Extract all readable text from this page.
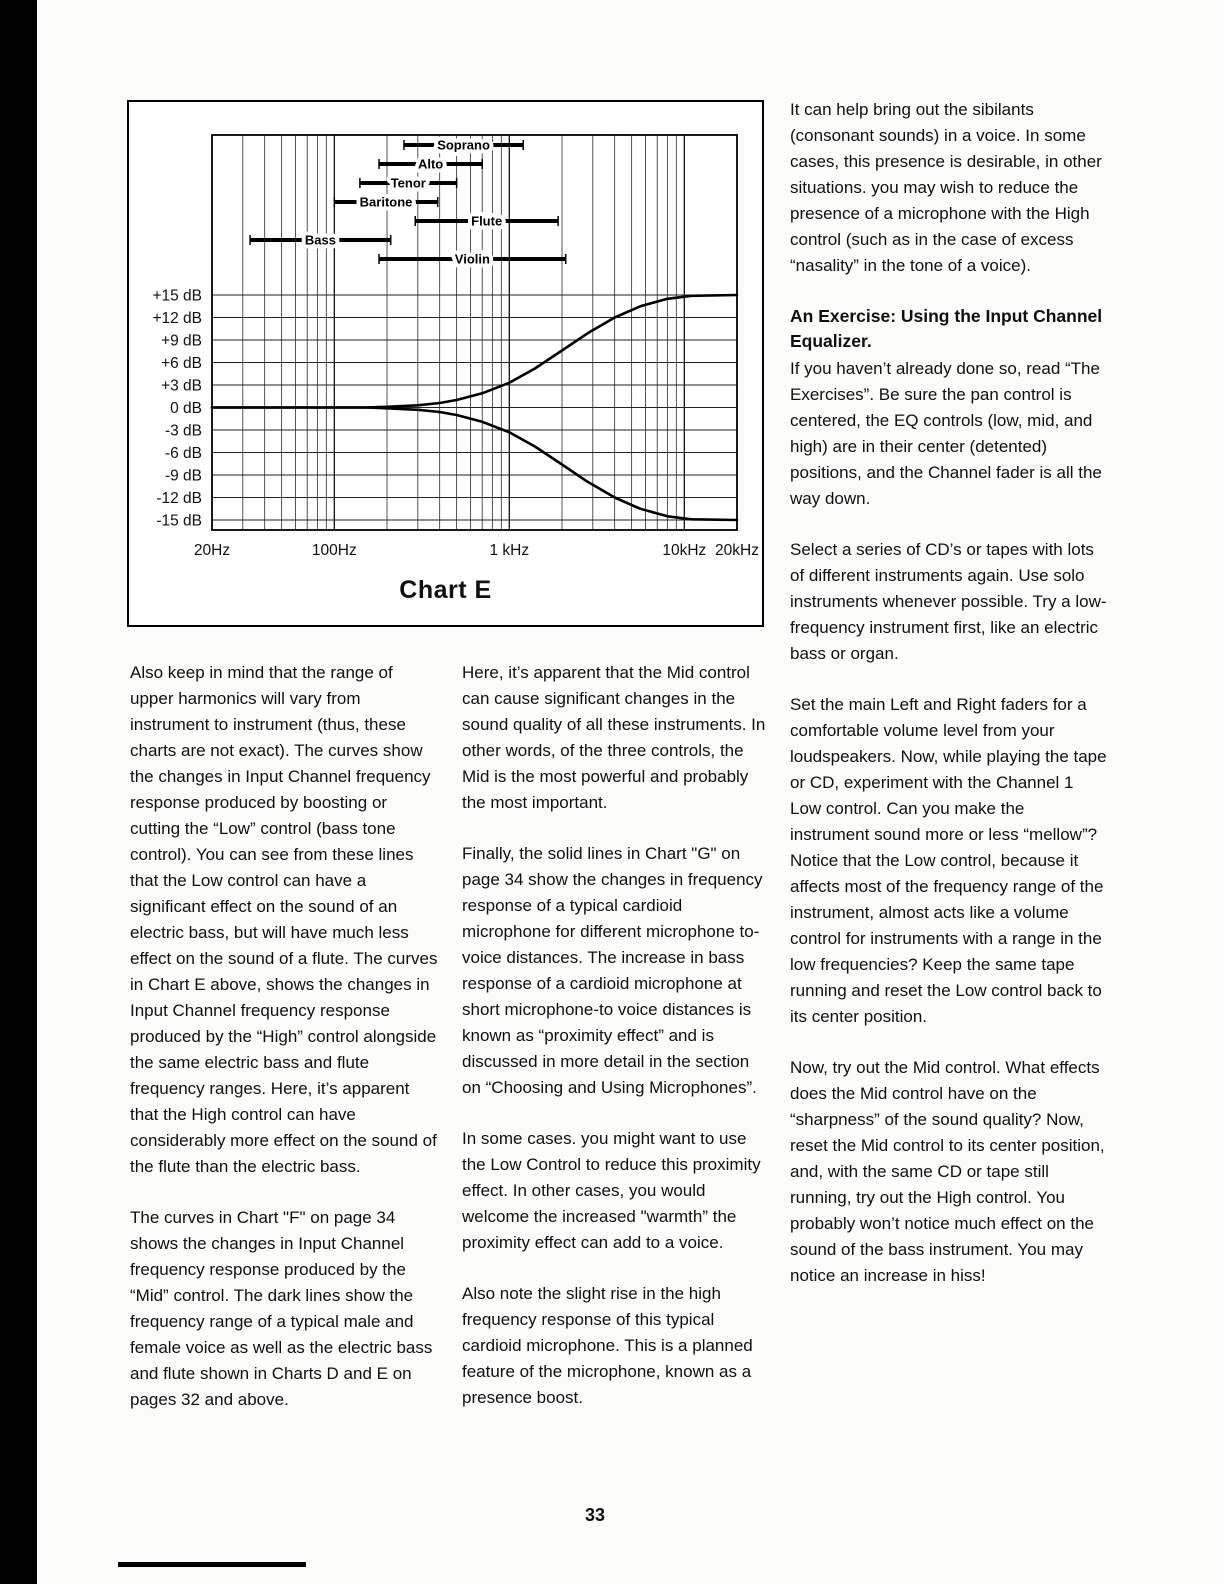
+15 dB
+12 dB
+9 dB
+6 dB
+3 dB
0 dB
-3 dB
-6 dB
-9 dB
-12 dB
-15 dB
20Hz	100Hz	1 kHz	10kHz 20kHz
Soprano
Alto
Tenor
Baritone
Flute
Bass
Violin
Chart E

Also keep in mind that the range of upper harmonics will vary from instrument to instrument (thus, these charts are not exact). The curves show the changes in Input Channel frequency response produced by boosting or cutting the “Low” control (bass tone control). You can see from these lines that the Low control can have a significant effect on the sound of an electric bass, but will have much less effect on the sound of a flute. The curves in Chart E above, shows the changes in Input Channel frequency response produced by the “High” control alongside the same electric bass and flute frequency ranges. Here, it’s apparent that the High control can have considerably more effect on the sound of the flute than the electric bass.

The curves in Chart "F" on page 34 shows the changes in Input Channel frequency response produced by the “Mid” control. The dark lines show the frequency range of a typical male and female voice as well as the electric bass and flute shown in Charts D and E on pages 32 and above.

Here, it’s apparent that the Mid control can cause significant changes in the sound quality of all these instruments. In other words, of the three controls, the Mid is the most powerful and probably the most important.

Finally, the solid lines in Chart "G" on page 34 show the changes in frequency response of a typical cardioid microphone for different microphone to-voice distances. The increase in bass response of a cardioid microphone at short microphone-to voice distances is known as “proximity effect” and is discussed in more detail in the section on “Choosing and Using Microphones”.

In some cases. you might want to use the Low Control to reduce this proximity effect. In other cases, you would welcome the increased "warmth” the proximity effect can add to a voice.

Also note the slight rise in the high frequency response of this typical cardioid microphone. This is a planned feature of the microphone, known as a presence boost.

It can help bring out the sibilants (consonant sounds) in a voice. In some cases, this presence is desirable, in other situations. you may wish to reduce the presence of a microphone with the High control (such as in the case of excess “nasality” in the tone of a voice).

An Exercise: Using the Input Channel Equalizer.

If you haven’t already done so, read “The Exercises”. Be sure the pan control is centered, the EQ controls (low, mid, and high) are in their center (detented) positions, and the Channel fader is all the way down.

Select a series of CD’s or tapes with lots of different instruments again. Use solo instruments whenever possible. Try a low-frequency instrument first, like an electric bass or organ.

Set the main Left and Right faders for a comfortable volume level from your loudspeakers. Now, while playing the tape or CD, experiment with the Channel 1 Low control. Can you make the instrument sound more or less “mellow”? Notice that the Low control, because it affects most of the frequency range of the instrument, almost acts like a volume control for instruments with a range in the low frequencies? Keep the same tape running and reset the Low control back to its center position.

Now, try out the Mid control. What effects does the Mid control have on the “sharpness” of the sound quality? Now, reset the Mid control to its center position, and, with the same CD or tape still running, try out the High control. You probably won’t notice much effect on the sound of the bass instrument. You may notice an increase in hiss!

33
